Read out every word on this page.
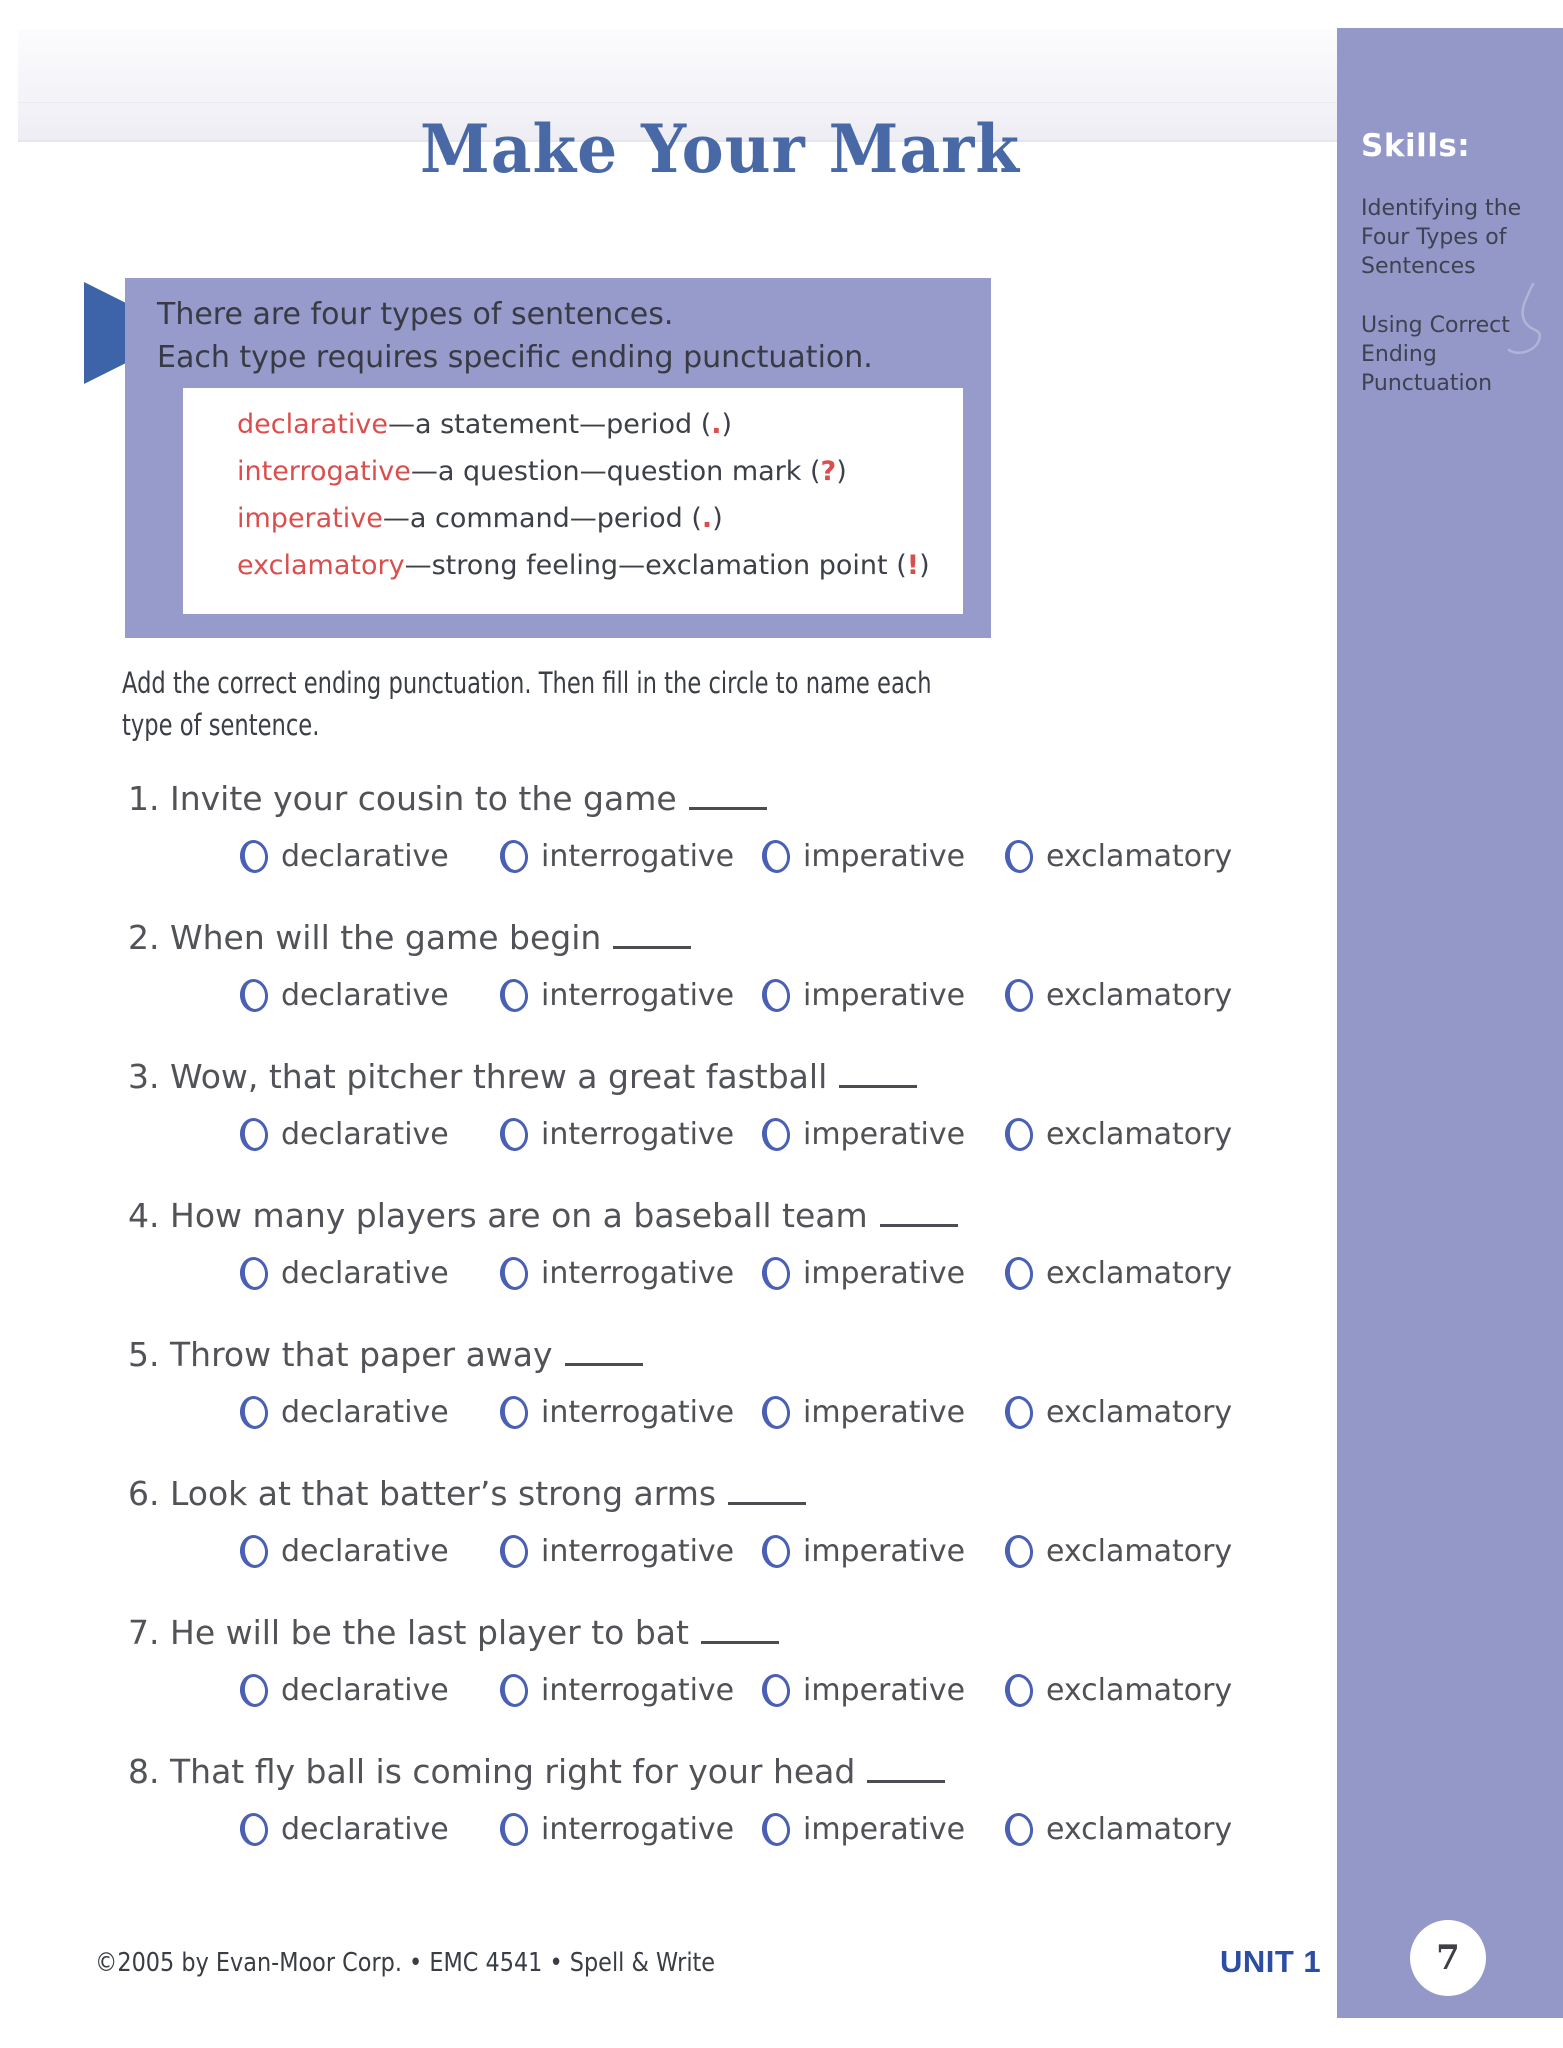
Make Your Mark	Skills:
Identifying the Four Types of Sentences
Using Correct Ending Punctuation
7
There are four types of sentences.
Each type requires specific ending punctuation.
declarative—a statement—period (.)
interrogative—a question—question mark (?)
imperative—a command—period (.)
exclamatory—strong feeling—exclamation point (!)
Add the correct ending punctuation. Then fill in the circle to name each
type of sentence.
1. Invite your cousin to the game
declarative	interrogative imperative	exclamatory
2. When will the game begin
declarative	interrogative imperative	exclamatory
3. Wow, that pitcher threw a great fastball
declarative	interrogative imperative	exclamatory
4. How many players are on a baseball team
declarative	interrogative imperative	exclamatory
5. Throw that paper away
declarative	interrogative imperative	exclamatory
6. Look at that batter’s strong arms
declarative	interrogative imperative	exclamatory
7. He will be the last player to bat
declarative	interrogative imperative	exclamatory
8. That fly ball is coming right for your head
declarative	interrogative imperative	exclamatory
©2005 by Evan-Moor Corp. • EMC 4541 • Spell & Write	UNIT 1
